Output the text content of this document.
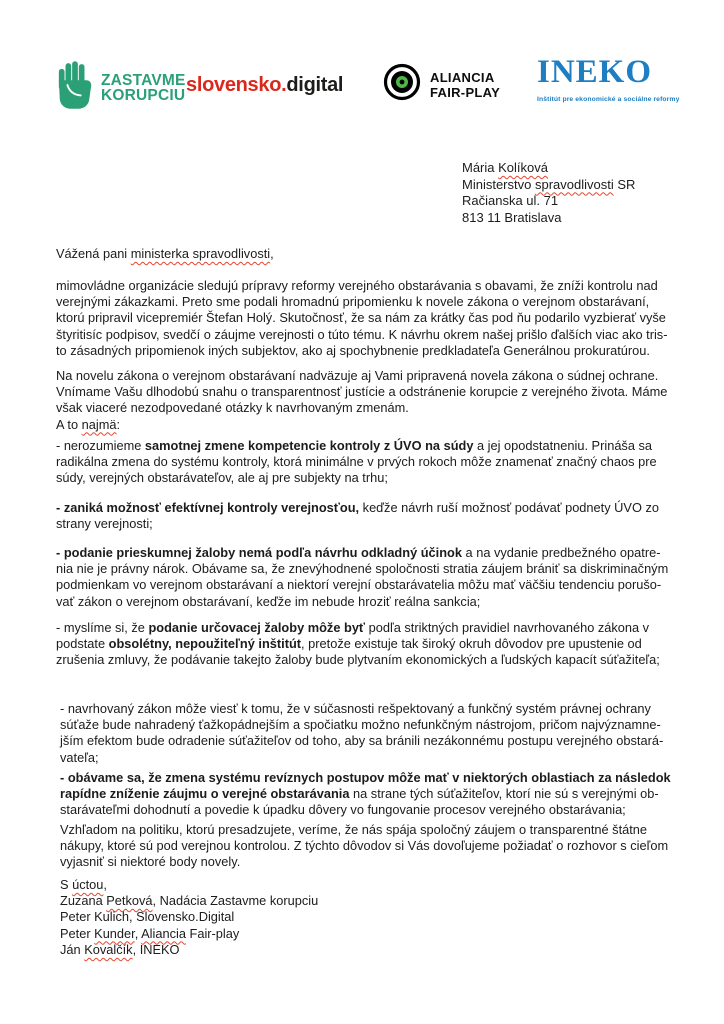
ZASTAVME
KORUPCIU slovensko. digital	ALIANCIA
FAIR-PLAY
INEKO
Inštitút pre ekonomické a sociálne reformy
Mária Kolíková
Ministerstvo spravodlivosti SR
Račianska ul. 71
813 11 Bratislava
Vážená pani ministerka spravodlivosti,
mimovládne organizácie sledujú prípravy reformy verejného obstarávania s obavami, že zníži kontrolu nad
verejnými zákazkami. Preto sme podali hromadnú pripomienku k novele zákona o verejnom obstarávaní,
ktorú pripravil vicepremiér Štefan Holý. Skutočnosť, že sa nám za krátky čas pod ňu podarilo vyzbierať vyše
štyritisíc podpisov, svedčí o záujme verejnosti o túto tému. K návrhu okrem našej prišlo ďalších viac ako tris-
to zásadných pripomienok iných subjektov, ako aj spochybnenie predkladateľa Generálnou prokuratúrou.
Na novelu zákona o verejnom obstarávaní nadväzuje aj Vami pripravená novela zákona o súdnej ochrane.
Vnímame Vašu dlhodobú snahu o transparentnosť justície a odstránenie korupcie z verejného života. Máme
však viaceré nezodpovedané otázky k navrhovaným zmenám.
A to najmä:
- nerozumieme samotnej zmene kompetencie kontroly z ÚVO na súdy a jej opodstatneniu. Prináša sa
radikálna zmena do systému kontroly, ktorá minimálne v prvých rokoch môže znamenať značný chaos pre
súdy, verejných obstarávateľov, ale aj pre subjekty na trhu;
- zaniká možnosť efektívnej kontroly verejnosťou, keďže návrh ruší možnosť podávať podnety ÚVO zo
strany verejnosti;
- podanie prieskumnej žaloby nemá podľa návrhu odkladný účinok a na vydanie predbežného opatre-
nia nie je právny nárok. Obávame sa, že znevýhodnené spoločnosti stratia záujem brániť sa diskriminačným
podmienkam vo verejnom obstarávaní a niektorí verejní obstarávatelia môžu mať väčšiu tendenciu porušo-
vať zákon o verejnom obstarávaní, keďže im nebude hroziť reálna sankcia;
- myslíme si, že podanie určovacej žaloby môže byť podľa striktných pravidiel navrhovaného zákona v
podstate obsolétny, nepoužiteľný inštitút, pretože existuje tak široký okruh dôvodov pre upustenie od
zrušenia zmluvy, že podávanie takejto žaloby bude plytvaním ekonomických a ľudských kapacít súťažiteľa;
- navrhovaný zákon môže viesť k tomu, že v súčasnosti rešpektovaný a funkčný systém právnej ochrany
súťaže bude nahradený ťažkopádnejším a spočiatku možno nefunkčným nástrojom, pričom najvýznamne-
jším efektom bude odradenie súťažiteľov od toho, aby sa bránili nezákonnému postupu verejného obstará-
vateľa;
- obávame sa, že zmena systému revíznych postupov môže mať v niektorých oblastiach za následok
rapídne zníženie záujmu o verejné obstarávania na strane tých súťažiteľov, ktorí nie sú s verejnými ob-
starávateľmi dohodnutí a povedie k úpadku dôvery vo fungovanie procesov verejného obstarávania;
Vzhľadom na politiku, ktorú presadzujete, veríme, že nás spája spoločný záujem o transparentné štátne
nákupy, ktoré sú pod verejnou kontrolou. Z týchto dôvodov si Vás dovoľujeme požiadať o rozhovor s cieľom
vyjasniť si niektoré body novely.
S úctou,
Zuzana Petková, Nadácia Zastavme korupciu
Peter Kulich, Slovensko.Digital
Peter Kunder, Aliancia Fair-play
Ján Kovalčík, INEKO
